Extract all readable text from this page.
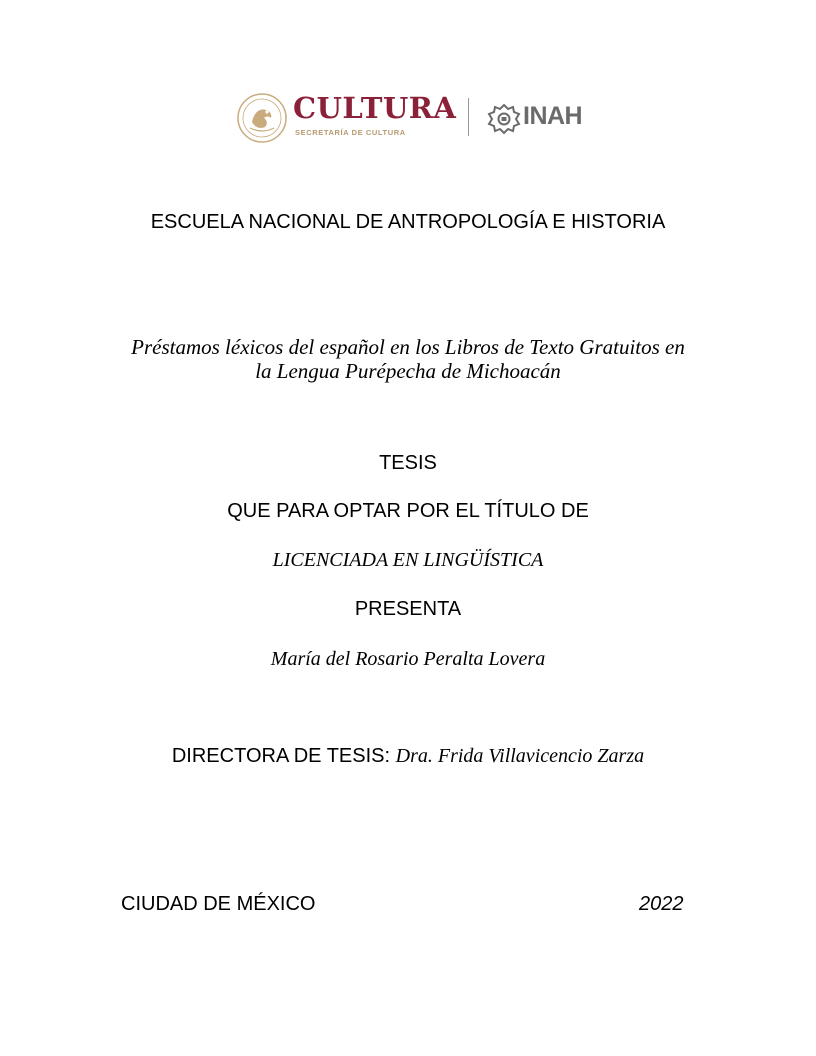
CULTURA
SECRETARÍA DE CULTURA
INAH
ESCUELA NACIONAL DE ANTROPOLOGÍA E HISTORIA
Préstamos léxicos del español en los Libros de Texto Gratuitos en
la Lengua Purépecha de Michoacán
TESIS
QUE PARA OPTAR POR EL TÍTULO DE
LICENCIADA EN LINGÜÍSTICA
PRESENTA
María del Rosario Peralta Lovera
DIRECTORA DE TESIS: Dra. Frida Villavicencio Zarza
CIUDAD DE MÉXICO	2022
